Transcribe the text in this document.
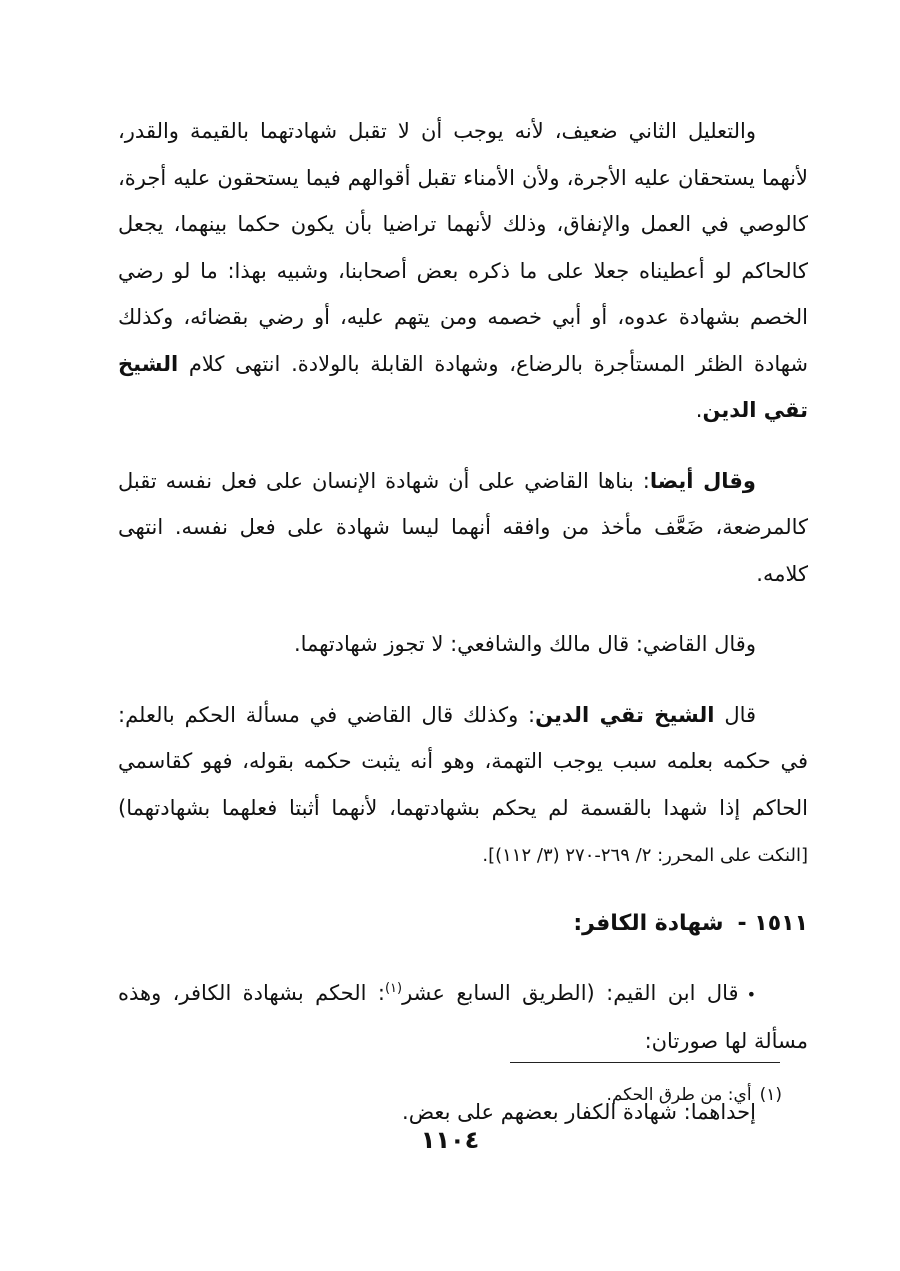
والتعليل الثاني ضعيف، لأنه يوجب أن لا تقبل شهادتهما بالقيمة والقدر، لأنهما يستحقان عليه الأجرة، ولأن الأمناء تقبل أقوالهم فيما يستحقون عليه أجرة، كالوصي في العمل والإنفاق، وذلك لأنهما تراضيا بأن يكون حكما بينهما، يجعل كالحاكم لو أعطيناه جعلا على ما ذكره بعض أصحابنا، وشبيه بهذا: ما لو رضي الخصم بشهادة عدوه، أو أبي خصمه ومن يتهم عليه، أو رضي بقضائه، وكذلك شهادة الظئر المستأجرة بالرضاع، وشهادة القابلة بالولادة. انتهى كلام الشيخ تقي الدين.

وقال أيضا: بناها القاضي على أن شهادة الإنسان على فعل نفسه تقبل كالمرضعة، ضَعَّف مأخذ من وافقه أنهما ليسا شهادة على فعل نفسه. انتهى كلامه.

وقال القاضي: قال مالك والشافعي: لا تجوز شهادتهما.

قال الشيخ تقي الدين: وكذلك قال القاضي في مسألة الحكم بالعلم: في حكمه بعلمه سبب يوجب التهمة، وهو أنه يثبت حكمه بقوله، فهو كقاسمي الحاكم إذا شهدا بالقسمة لم يحكم بشهادتهما، لأنهما أثبتا فعلهما بشهادتهما) [النكت على المحرر: ٢/ ٢٦٩-٢٧٠ (٣/ ١١٢)].

١٥١١ -شهادة الكافر:

•قال ابن القيم: (الطريق السابع عشر$^{(١)}$: الحكم بشهادة الكافر، وهذه مسألة لها صورتان:

إحداهما: شهادة الكفار بعضهم على بعض.

(١)أي: من طرق الحكم.
١١٠٤
